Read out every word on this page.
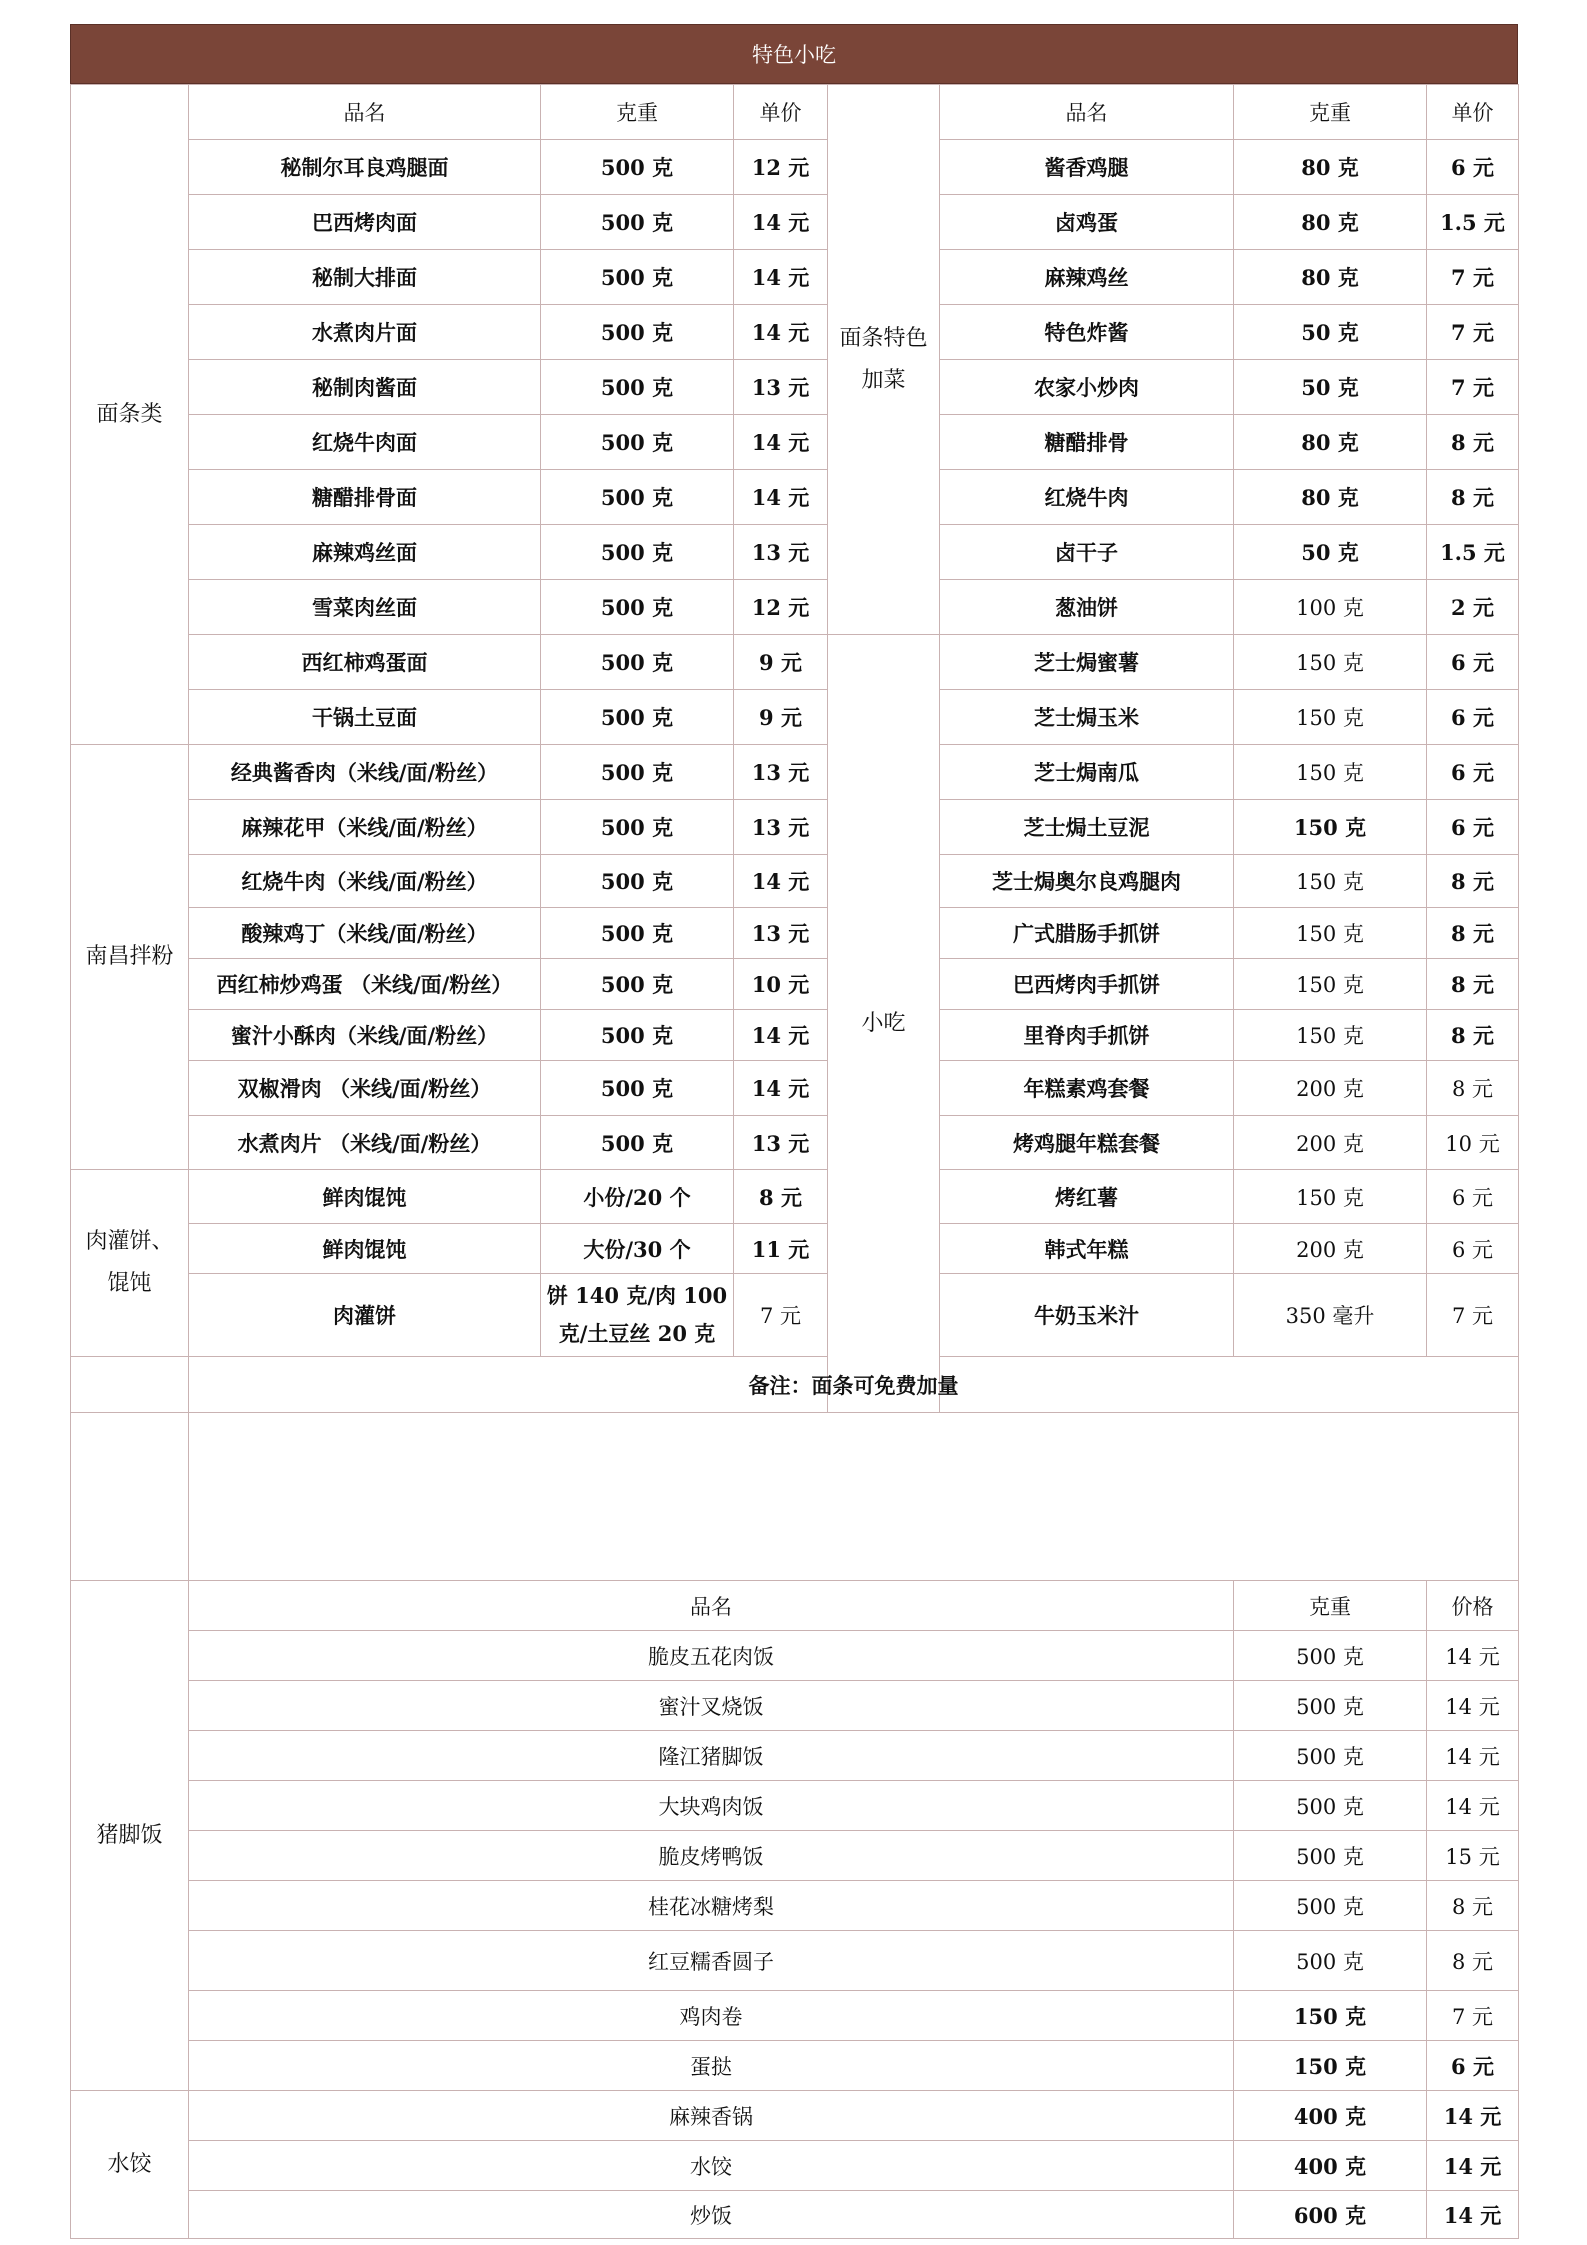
特色小吃
面条类	品名	克重	单价	面条特色加菜	品名	克重	单价
	秘制尔耳良鸡腿面	500 克	12 元		酱香鸡腿	80 克	6 元
	巴西烤肉面	500 克	14 元		卤鸡蛋	80 克	1.5 元
	秘制大排面	500 克	14 元		麻辣鸡丝	80 克	7 元
	水煮肉片面	500 克	14 元		特色炸酱	50 克	7 元
	秘制肉酱面	500 克	13 元		农家小炒肉	50 克	7 元
	红烧牛肉面	500 克	14 元		糖醋排骨	80 克	8 元
	糖醋排骨面	500 克	14 元		红烧牛肉	80 克	8 元
	麻辣鸡丝面	500 克	13 元		卤干子	50 克	1.5 元
	雪菜肉丝面	500 克	12 元		葱油饼	100 克	2 元
	西红柿鸡蛋面	500 克	9 元	小吃	芝士焗蜜薯	150 克	6 元
	干锅土豆面	500 克	9 元		芝士焗玉米	150 克	6 元
南昌拌粉	经典酱香肉（米线/面/粉丝）	500 克	13 元		芝士焗南瓜	150 克	6 元
	麻辣花甲（米线/面/粉丝）	500 克	13 元		芝士焗土豆泥	150 克	6 元
	红烧牛肉（米线/面/粉丝）	500 克	14 元		芝士焗奥尔良鸡腿肉	150 克	8 元
	酸辣鸡丁（米线/面/粉丝）	500 克	13 元		广式腊肠手抓饼	150 克	8 元
	西红柿炒鸡蛋 （米线/面/粉丝）	500 克	10 元		巴西烤肉手抓饼	150 克	8 元
	蜜汁小酥肉（米线/面/粉丝）	500 克	14 元		里脊肉手抓饼	150 克	8 元
	双椒滑肉 （米线/面/粉丝）	500 克	14 元		年糕素鸡套餐	200 克	8 元
	水煮肉片 （米线/面/粉丝）	500 克	13 元		烤鸡腿年糕套餐	200 克	10 元
肉灌饼、馄饨	鲜肉馄饨	小份/20 个	8 元		烤红薯	150 克	6 元
	鲜肉馄饨	大份/30 个	11 元		韩式年糕	200 克	6 元
	肉灌饼	饼 140 克/肉 100 克/土豆丝 20 克	7 元		牛奶玉米汁	350 毫升	7 元
	备注：面条可免费加量						

猪脚饭	品名	克重	价格
	脆皮五花肉饭	500 克	14 元
	蜜汁叉烧饭	500 克	14 元
	隆江猪脚饭	500 克	14 元
	大块鸡肉饭	500 克	14 元
	脆皮烤鸭饭	500 克	15 元
	桂花冰糖烤梨	500 克	8 元
	红豆糯香圆子	500 克	8 元
	鸡肉卷	150 克	7 元
	蛋挞	150 克	6 元
水饺	麻辣香锅	400 克	14 元
	水饺	400 克	14 元
	炒饭	600 克	14 元
